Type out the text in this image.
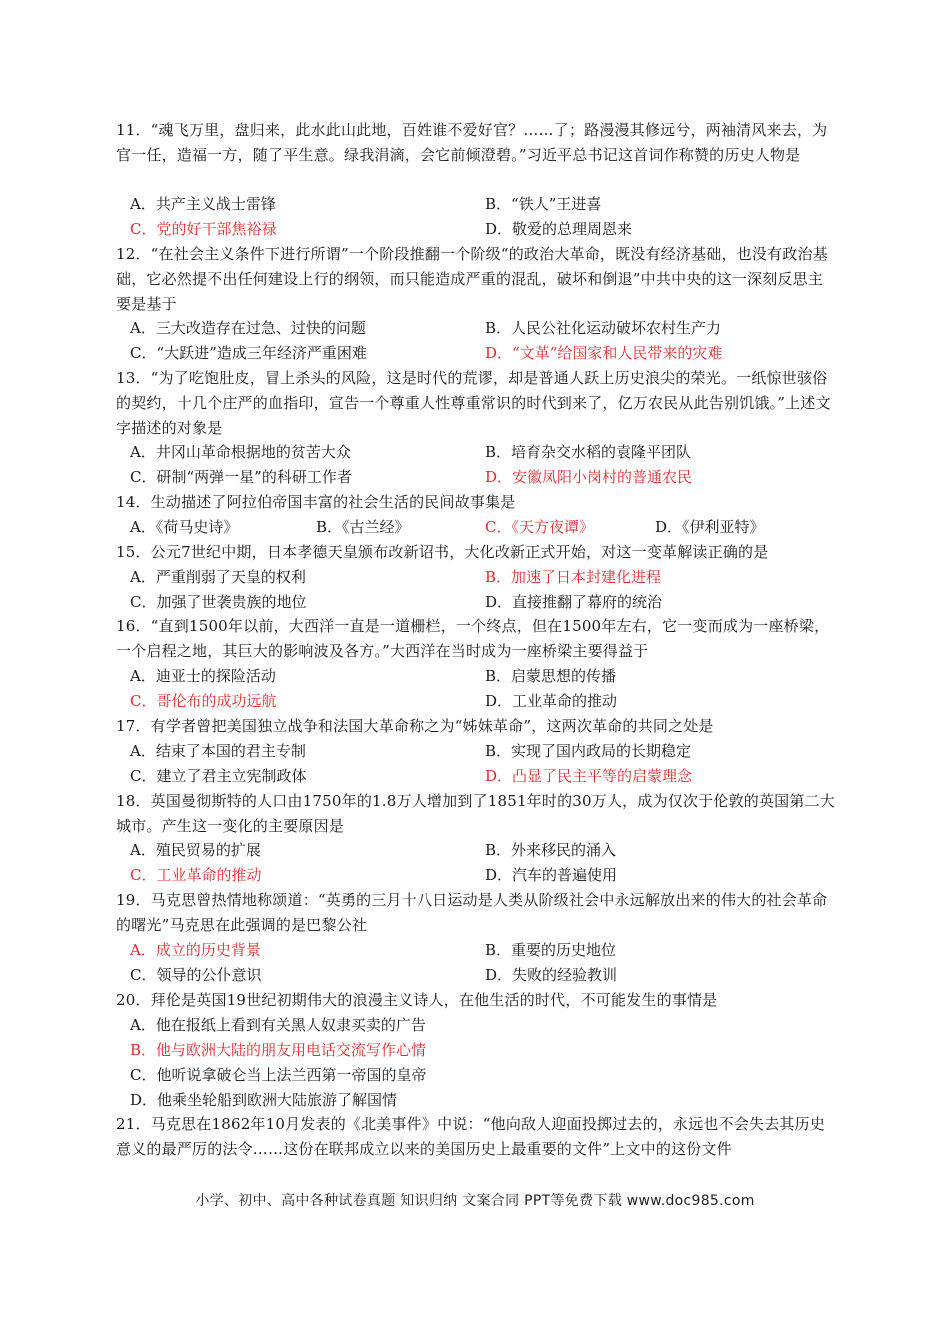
11．“魂飞万里，盘归来，此水此山此地，百姓谁不爱好官？……了；路漫漫其修远兮，两袖清风来去，为官一任，造福一方，随了平生意。绿我涓滴，会它前倾澄碧。”习近平总书记这首词作称赞的历史人物是
A．共产主义战士雷锋	B．“铁人”王进喜
C．党的好干部焦裕禄	D．敬爱的总理周恩来
12．“在社会主义条件下进行所谓”一个阶段推翻一个阶级“的政治大革命，既没有经济基础，也没有政治基础，它必然提不出任何建设上行的纲领，而只能造成严重的混乱，破坏和倒退”中共中央的这一深刻反思主要是基于
A．三大改造存在过急、过快的问题	B．人民公社化运动破坏农村生产力
C．“大跃进”造成三年经济严重困难	D．“文革”给国家和人民带来的灾难
13．“为了吃饱肚皮，冒上杀头的风险，这是时代的荒谬，却是普通人跃上历史浪尖的荣光。一纸惊世骇俗的契约，十几个庄严的血指印，宣告一个尊重人性尊重常识的时代到来了，亿万农民从此告别饥饿。”上述文字描述的对象是
A．井冈山革命根据地的贫苦大众	B．培育杂交水稻的袁隆平团队
C．研制“两弹一星”的科研工作者	D．安徽凤阳小岗村的普通农民
14．生动描述了阿拉伯帝国丰富的社会生活的民间故事集是
A．《荷马史诗》	B．《古兰经》	C．《天方夜谭》	D．《伊利亚特》
15．公元7世纪中期，日本孝德天皇颁布改新诏书，大化改新正式开始，对这一变革解读正确的是
A．严重削弱了天皇的权利	B．加速了日本封建化进程
C．加强了世袭贵族的地位	D．直接推翻了幕府的统治
16．“直到1500年以前，大西洋一直是一道栅栏，一个终点，但在1500年左右，它一变而成为一座桥梁，一个启程之地，其巨大的影响波及各方。”大西洋在当时成为一座桥梁主要得益于
A．迪亚士的探险活动	B．启蒙思想的传播
C．哥伦布的成功远航	D．工业革命的推动
17．有学者曾把美国独立战争和法国大革命称之为“姊妹革命”，这两次革命的共同之处是
A．结束了本国的君主专制	B．实现了国内政局的长期稳定
C．建立了君主立宪制政体	D．凸显了民主平等的启蒙理念
18．英国曼彻斯特的人口由1750年的1.8万人增加到了1851年时的30万人，成为仅次于伦敦的英国第二大城市。产生这一变化的主要原因是
A．殖民贸易的扩展	B．外来移民的涌入
C．工业革命的推动	D．汽车的普遍使用
19．马克思曾热情地称颂道：“英勇的三月十八日运动是人类从阶级社会中永远解放出来的伟大的社会革命的曙光”马克思在此强调的是巴黎公社
A．成立的历史背景	B．重要的历史地位
C．领导的公仆意识	D．失败的经验教训
20．拜伦是英国19世纪初期伟大的浪漫主义诗人，在他生活的时代，不可能发生的事情是
A．他在报纸上看到有关黑人奴隶买卖的广告
B．他与欧洲大陆的朋友用电话交流写作心情
C．他听说拿破仑当上法兰西第一帝国的皇帝
D．他乘坐轮船到欧洲大陆旅游了解国情
21．马克思在1862年10月发表的《北美事件》中说：“他向敌人迎面投掷过去的，永远也不会失去其历史意义的最严厉的法令……这份在联邦成立以来的美国历史上最重要的文件”上文中的这份文件
小学、初中、高中各种试卷真题 知识归纳 文案合同 PPT等免费下载 www.doc985.com
